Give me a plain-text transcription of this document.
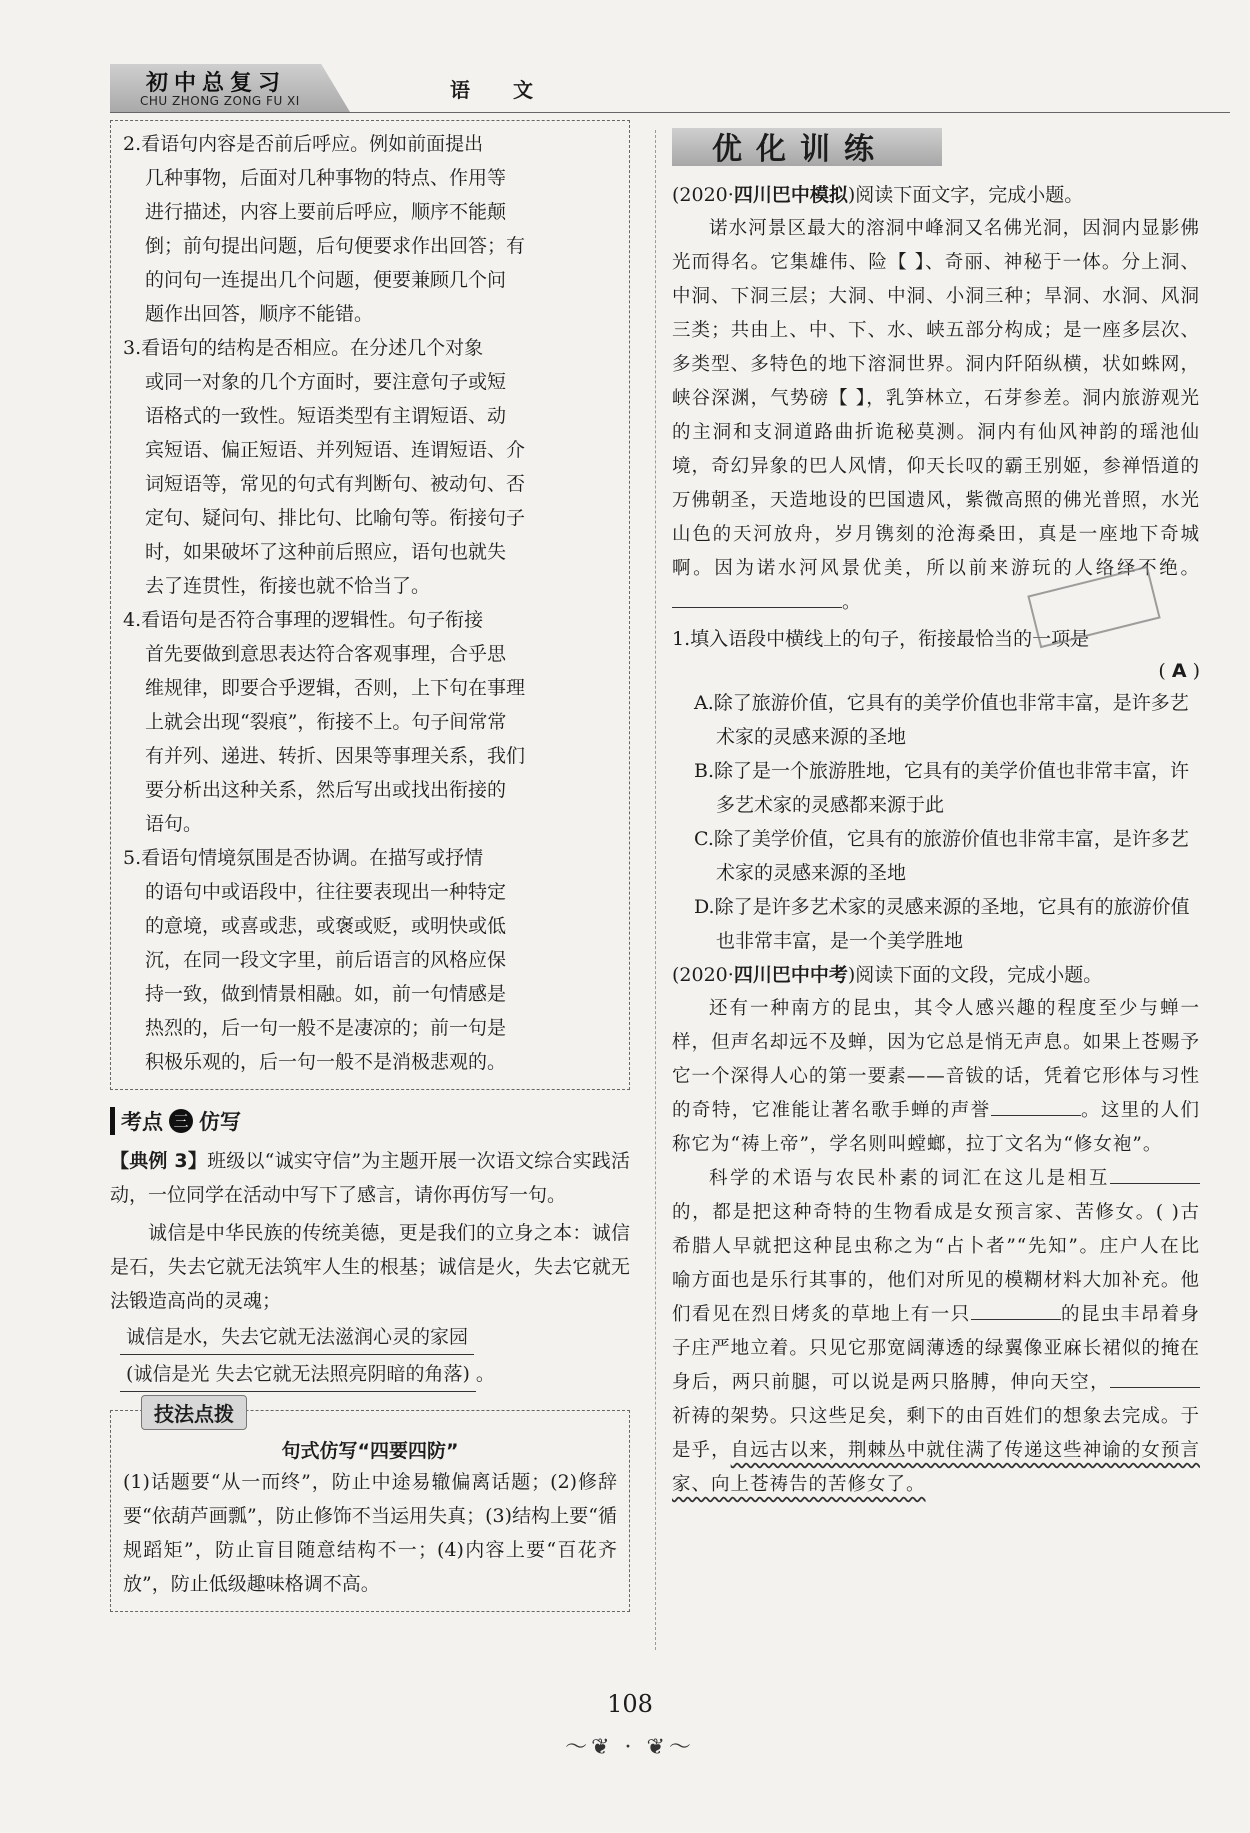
初中总复习
CHU ZHONG ZONG FU XI	语 文
2.看语句内容是否前后呼应。例如前面提出
几种事物，后面对几种事物的特点、作用等
进行描述，内容上要前后呼应，顺序不能颠
倒；前句提出问题，后句便要求作出回答；有
的问句一连提出几个问题，便要兼顾几个问
题作出回答，顺序不能错。
3.看语句的结构是否相应。在分述几个对象
或同一对象的几个方面时，要注意句子或短
语格式的一致性。短语类型有主谓短语、动
宾短语、偏正短语、并列短语、连谓短语、介
词短语等，常见的句式有判断句、被动句、否
定句、疑问句、排比句、比喻句等。衔接句子
时，如果破坏了这种前后照应，语句也就失
去了连贯性，衔接也就不恰当了。
4.看语句是否符合事理的逻辑性。句子衔接
首先要做到意思表达符合客观事理，合乎思
维规律，即要合乎逻辑，否则，上下句在事理
上就会出现“裂痕”，衔接不上。句子间常常
有并列、递进、转折、因果等事理关系，我们
要分析出这种关系，然后写出或找出衔接的
语句。
5.看语句情境氛围是否协调。在描写或抒情
的语句中或语段中，往往要表现出一种特定
的意境，或喜或悲，或褒或贬，或明快或低
沉，在同一段文字里，前后语言的风格应保
持一致，做到情景相融。如，前一句情感是
热烈的，后一句一般不是凄凉的；前一句是
积极乐观的，后一句一般不是消极悲观的。
考点 三 仿写
【典例 3】班级以“诚实守信”为主题开展一次语文综合实践活动，一位同学在活动中写下了感言，请你再仿写一句。
诚信是中华民族的传统美德，更是我们的立身之本：诚信是石，失去它就无法筑牢人生的根基；诚信是火，失去它就无法锻造高尚的灵魂；
诚信是水，失去它就无法滋润心灵的家园
(诚信是光 失去它就无法照亮阴暗的角落) 。
技法点拨
句式仿写“四要四防”
(1)话题要“从一而终”，防止中途易辙偏离话题；(2)修辞要“依葫芦画瓢”，防止修饰不当运用失真；(3)结构上要“循规蹈矩”，防止盲目随意结构不一；(4)内容上要“百花齐放”，防止低级趣味格调不高。
优化训练
(2020·四川巴中模拟)阅读下面文字，完成小题。
诺水河景区最大的溶洞中峰洞又名佛光洞，因洞内显影佛光而得名。它集雄伟、险【 】、奇丽、神秘于一体。分上洞、中洞、下洞三层；大洞、中洞、小洞三种；旱洞、水洞、风洞三类；共由上、中、下、水、峡五部分构成；是一座多层次、多类型、多特色的地下溶洞世界。洞内阡陌纵横，状如蛛网，峡谷深渊，气势磅【 】，乳笋林立，石芽参差。洞内旅游观光的主洞和支洞道路曲折诡秘莫测。洞内有仙风神韵的瑶池仙境，奇幻异象的巴人风情，仰天长叹的霸王别姬，参禅悟道的万佛朝圣，天造地设的巴国遗风，紫微高照的佛光普照，水光山色的天河放舟，岁月镌刻的沧海桑田，真是一座地下奇城啊。因为诺水河风景优美，所以前来游玩的人络绎不绝。。
1.填入语段中横线上的句子，衔接最恰当的一项是
( A )
A.除了旅游价值，它具有的美学价值也非常丰富，是许多艺术家的灵感来源的圣地
B.除了是一个旅游胜地，它具有的美学价值也非常丰富，许多艺术家的灵感都来源于此
C.除了美学价值，它具有的旅游价值也非常丰富，是许多艺术家的灵感来源的圣地
D.除了是许多艺术家的灵感来源的圣地，它具有的旅游价值也非常丰富，是一个美学胜地
(2020·四川巴中中考)阅读下面的文段，完成小题。
还有一种南方的昆虫，其令人感兴趣的程度至少与蝉一样，但声名却远不及蝉，因为它总是悄无声息。如果上苍赐予它一个深得人心的第一要素——音钹的话，凭着它形体与习性的奇特，它准能让著名歌手蝉的声誉	。这里的人们称它为“祷上帝”，学名则叫螳螂，拉丁文名为“修女袍”。
科学的术语与农民朴素的词汇在这儿是相互的，都是把这种奇特的生物看成是女预言家、苦修女。( )古希腊人早就把这种昆虫称之为“占卜者”“先知”。庄户人在比喻方面也是乐行其事的，他们对所见的模糊材料大加补充。他们看见在烈日烤炙的草地上有一只	的昆虫丰昂着身子庄严地立着。只见它那宽阔薄透的绿翼像亚麻长裙似的掩在身后，两只前腿，可以说是两只胳膊，伸向天空，祈祷的架势。只这些足矣，剩下的由百姓们的想象去完成。于是乎，自远古以来，荆棘丛中就住满了传递这些神谕的女预言家、向上苍祷告的苦修女了。
108
〜❦ · ❦〜
